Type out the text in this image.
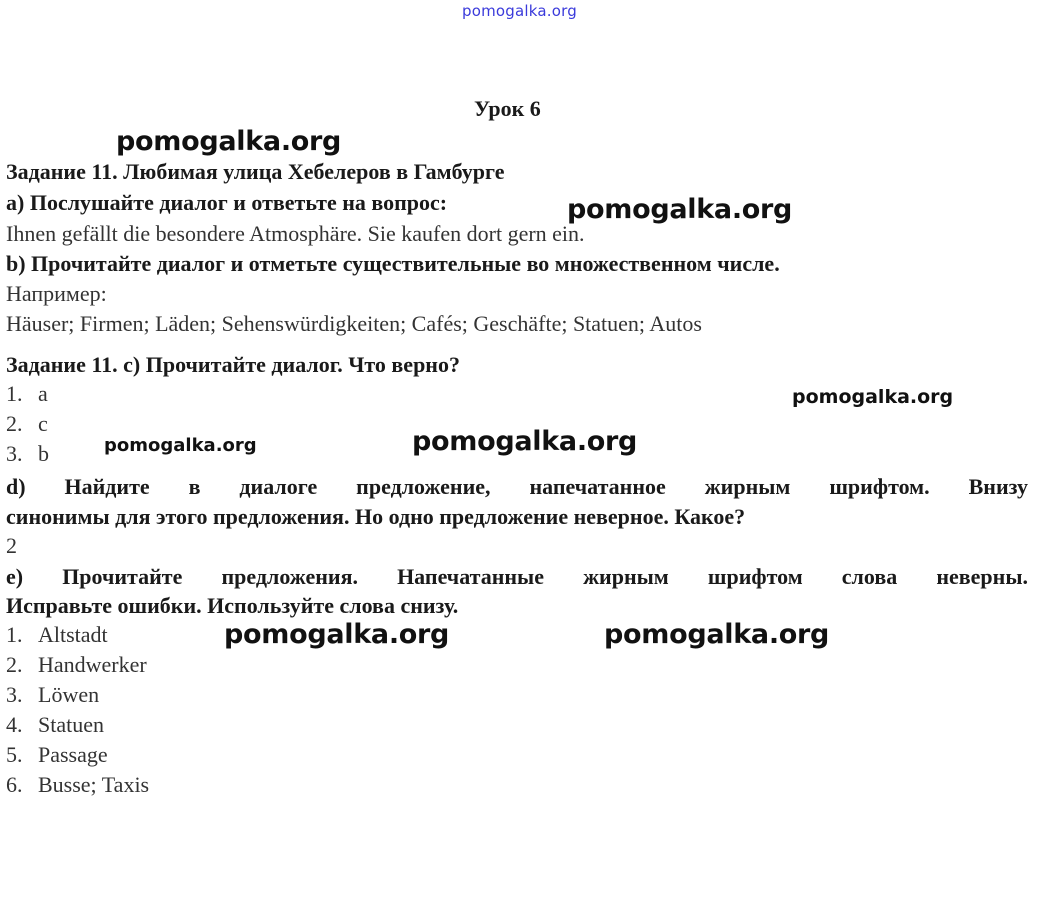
pomogalka.org
Урок 6
pomogalka.org
pomogalka.org
pomogalka.org
pomogalka.org	pomogalka.org
pomogalka.org	pomogalka.org
Задание 11. Любимая улица Хебелеров в Гамбурге
a) Послушайте диалог и ответьте на вопрос:
Ihnen gefällt die besondere Atmosphäre. Sie kaufen dort gern ein.
b) Прочитайте диалог и отметьте существительные во множественном числе.
Например:
Häuser; Firmen; Läden; Sehenswürdigkeiten; Cafés; Geschäfte; Statuen; Autos
Задание 11. c) Прочитайте диалог. Что верно?
1. a
2. c
3. b
d) Найдите в диалоге предложение, напечатанное жирным шрифтом. Внизу
синонимы для этого предложения. Но одно предложение неверное. Какое?
2
e) Прочитайте предложения. Напечатанные жирным шрифтом слова неверны.
Исправьте ошибки. Используйте слова снизу.
1. Altstadt
2. Handwerker
3. Löwen
4. Statuen
5. Passage
6. Busse; Taxis
